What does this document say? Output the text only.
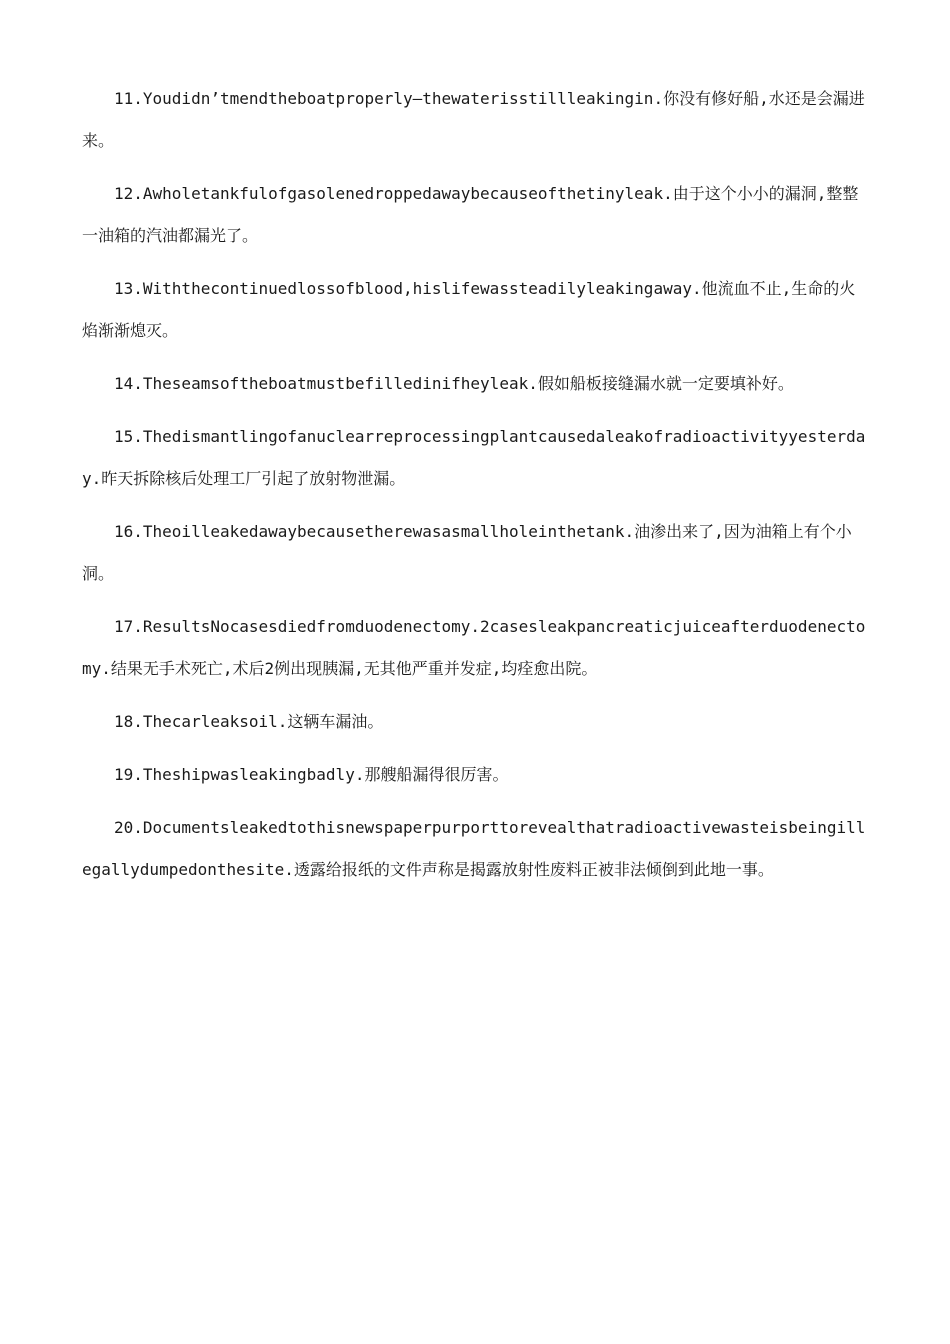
11.Youdidn’tmendtheboatproperly—thewaterisstillleakingin.你没有修好船,水还是会漏进来。

12.Awholetankfulofgasolenedroppedawaybecauseofthetinyleak.由于这个小小的漏洞,整整一油箱的汽油都漏光了。

13.Withthecontinuedlossofblood,hislifewassteadilyleakingaway.他流血不止,生命的火焰渐渐熄灭。

14.Theseamsoftheboatmustbefilledinifheyleak.假如船板接缝漏水就一定要填补好。

15.Thedismantlingofanuclearreprocessingplantcausedaleakofradioactivityyesterday.昨天拆除核后处理工厂引起了放射物泄漏。

16.Theoilleakedawaybecausetherewasasmallholeinthetank.油渗出来了,因为油箱上有个小洞。

17.ResultsNocasesdiedfromduodenectomy.2casesleakpancreaticjuiceafterduodenectomy.结果无手术死亡,术后2例出现胰漏,无其他严重并发症,均痊愈出院。

18.Thecarleaksoil.这辆车漏油。

19.Theshipwasleakingbadly.那艘船漏得很厉害。

20.Documentsleakedtothisnewspaperpurporttorevealthatradioactivewasteisbeingillegallydumpedonthesite.透露给报纸的文件声称是揭露放射性废料正被非法倾倒到此地一事。
